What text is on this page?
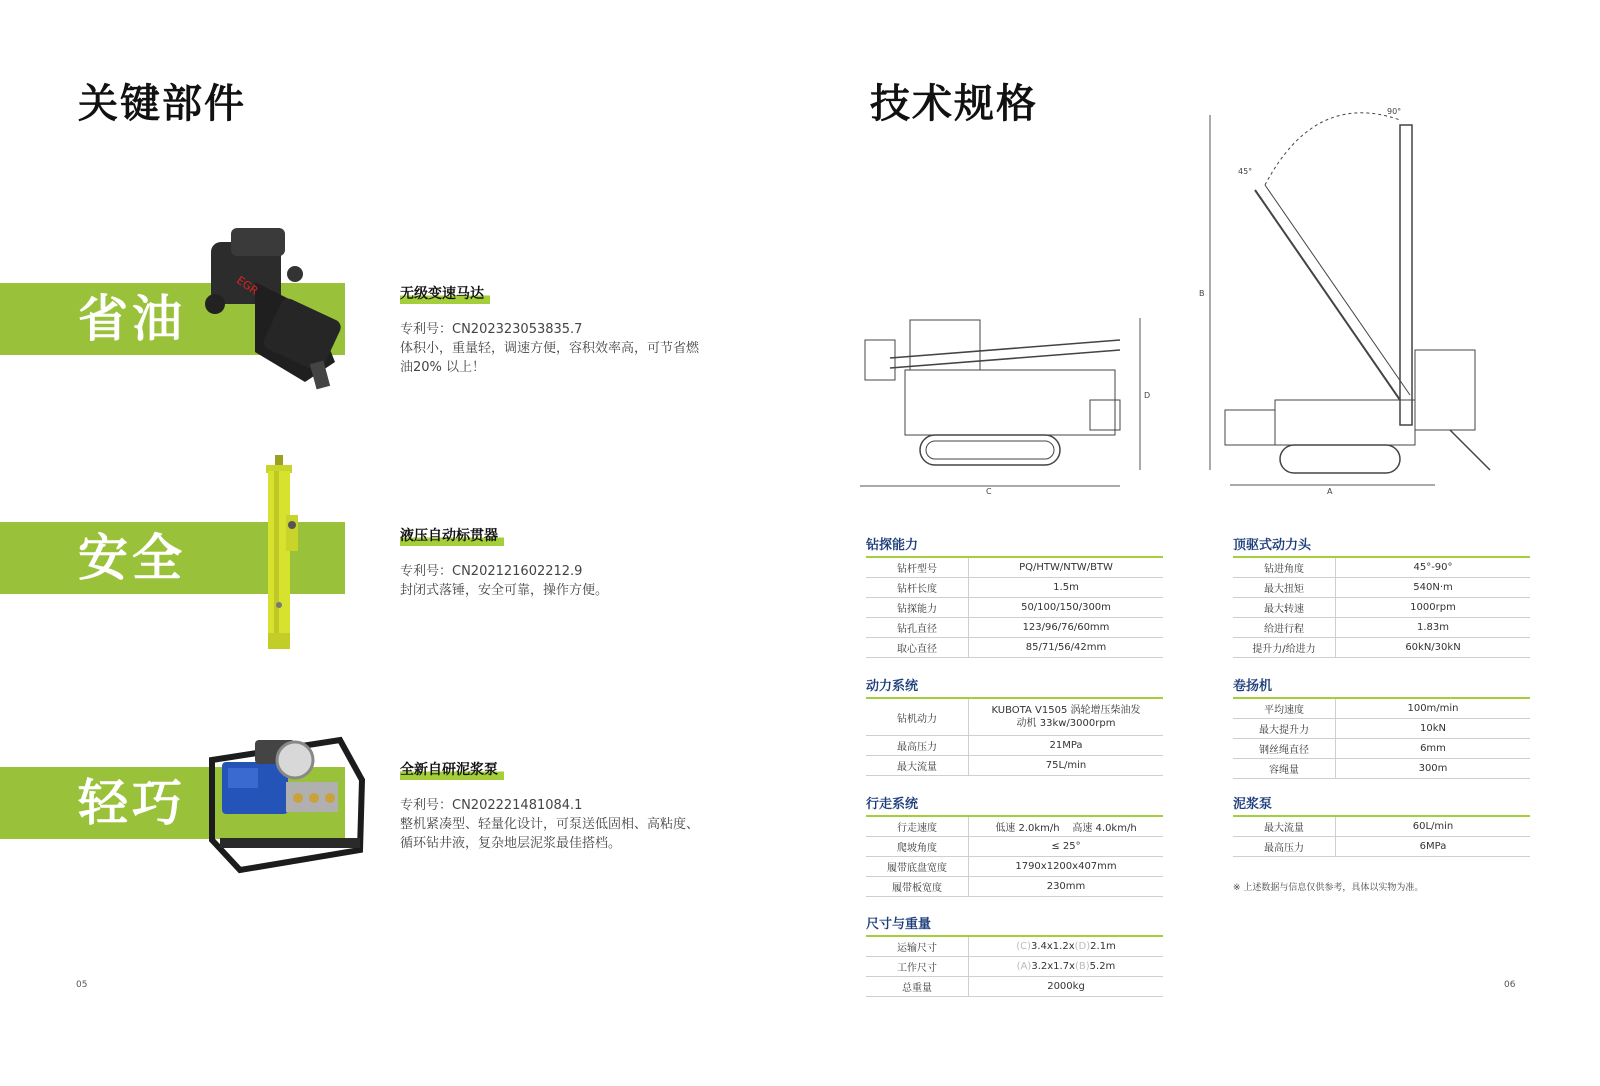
关键部件
省油
EGR	无级变速马达
专利号：CN202323053835.7
体积小，重量轻，调速方便，容积效率高，可节省燃油20% 以上！
安全	液压自动标贯器
专利号：CN202121602212.9
封闭式落锤，安全可靠，操作方便。
轻巧
全新自研泥浆泵
专利号：CN202221481084.1
整机紧凑型、轻量化设计，可泵送低固相、高粘度、循环钻井液，复杂地层泥浆最佳搭档。
05
技术规格
C
D
90°
45°
B
A
钻探能力
钻杆型号	PQ/HTW/NTW/BTW
钻杆长度	1.5m
钻探能力	50/100/150/300m
钻孔直径	123/96/76/60mm
取心直径	85/71/56/42mm
动力系统
钻机动力	KUBOTA V1505 涡轮增压柴油发动机 33kw/3000rpm
最高压力	21MPa
最大流量	75L/min
行走系统
行走速度	低速 2.0km/h    高速 4.0km/h
爬坡角度	≤ 25°
履带底盘宽度	1790x1200x407mm
履带板宽度	230mm
尺寸与重量
运输尺寸	(C)3.4x1.2x(D)2.1m
工作尺寸	(A)3.2x1.7x(B)5.2m
总重量	2000kg
顶驱式动力头
钻进角度	45°-90°
最大扭矩	540N·m
最大转速	1000rpm
给进行程	1.83m
提升力/给进力	60kN/30kN
卷扬机
平均速度	100m/min
最大提升力	10kN
钢丝绳直径	6mm
容绳量	300m
泥浆泵
最大流量	60L/min
最高压力	6MPa
※ 上述数据与信息仅供参考，具体以实物为准。
06
